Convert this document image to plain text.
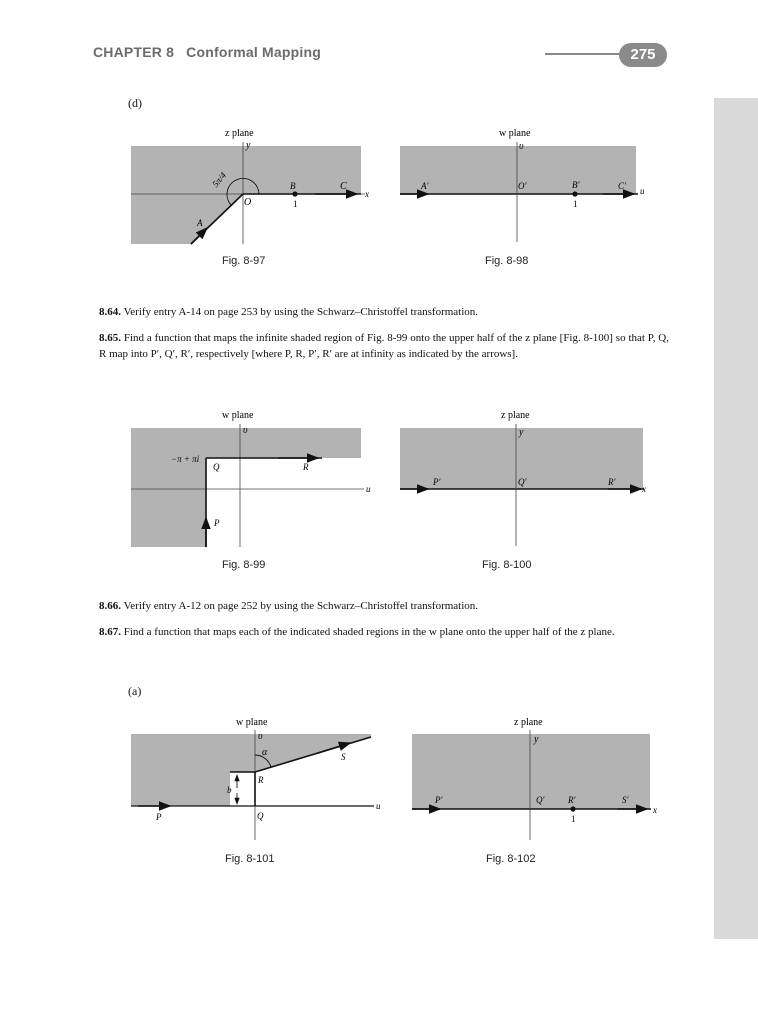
CHAPTER 8 Conformal Mapping	275
(d)
z plane
y
x
5π/4
O
B	C
A
1
Fig. 8-97
w plane
υ
u
A′	O′	B′	C′
1
Fig. 8-98
8.64. Verify entry A-14 on page 253 by using the Schwarz–Christoffel transformation.
8.65. Find a function that maps the infinite shaded region of Fig. 8-99 onto the upper half of the z plane [Fig. 8-100] so that P, Q, R map into P′, Q′, R′, respectively [where P, R, P′, R′ are at infinity as indicated by the arrows].
w plane
υ
u
−π + πi
Q	R
P
Fig. 8-99
z plane
y
x
P′	Q′	R′
Fig. 8-100
8.66. Verify entry A-12 on page 252 by using the Schwarz–Christoffel transformation.
8.67. Find a function that maps each of the indicated shaded regions in the w plane onto the upper half of the z plane.
(a)
w plane
υ
u
α	S
R
b
P	Q
Fig. 8-101
z plane
y
x
P′	Q′	R′	S′
1
Fig. 8-102
